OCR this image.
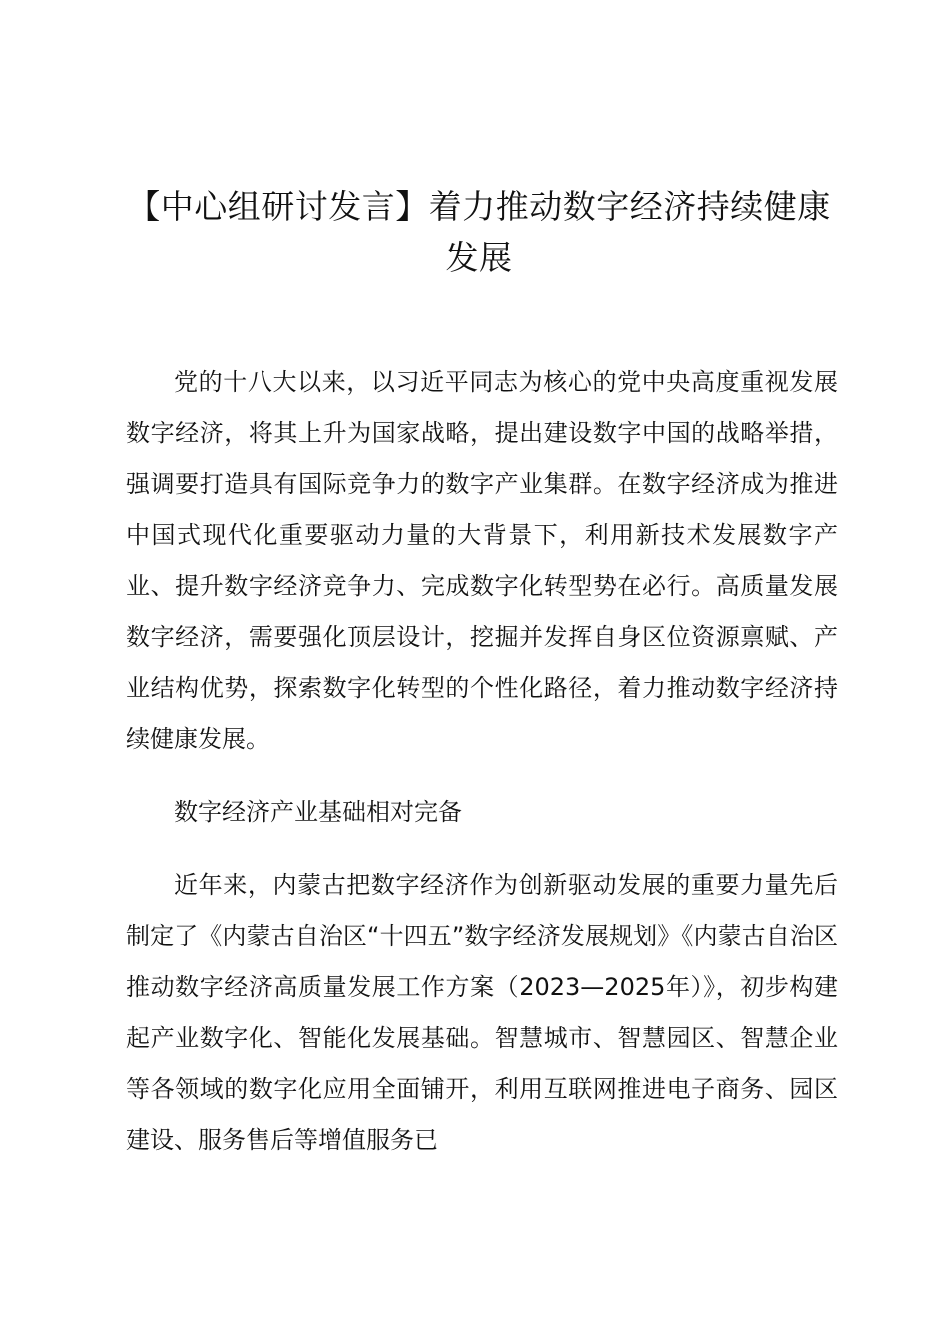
【中心组研讨发言】着力推动数字经济持续健康发展

党的十八大以来，以习近平同志为核心的党中央高度重视发展数字经济，将其上升为国家战略，提出建设数字中国的战略举措，强调要打造具有国际竞争力的数字产业集群。在数字经济成为推进中国式现代化重要驱动力量的大背景下，利用新技术发展数字产业、提升数字经济竞争力、完成数字化转型势在必行。高质量发展数字经济，需要强化顶层设计，挖掘并发挥自身区位资源禀赋、产业结构优势，探索数字化转型的个性化路径，着力推动数字经济持续健康发展。

数字经济产业基础相对完备

近年来，内蒙古把数字经济作为创新驱动发展的重要力量先后制定了《内蒙古自治区“十四五”数字经济发展规划》《内蒙古自治区推动数字经济高质量发展工作方案（2023—2025年）》，初步构建起产业数字化、智能化发展基础。智慧城市、智慧园区、智慧企业等各领域的数字化应用全面铺开，利用互联网推进电子商务、园区建设、服务售后等增值服务已
